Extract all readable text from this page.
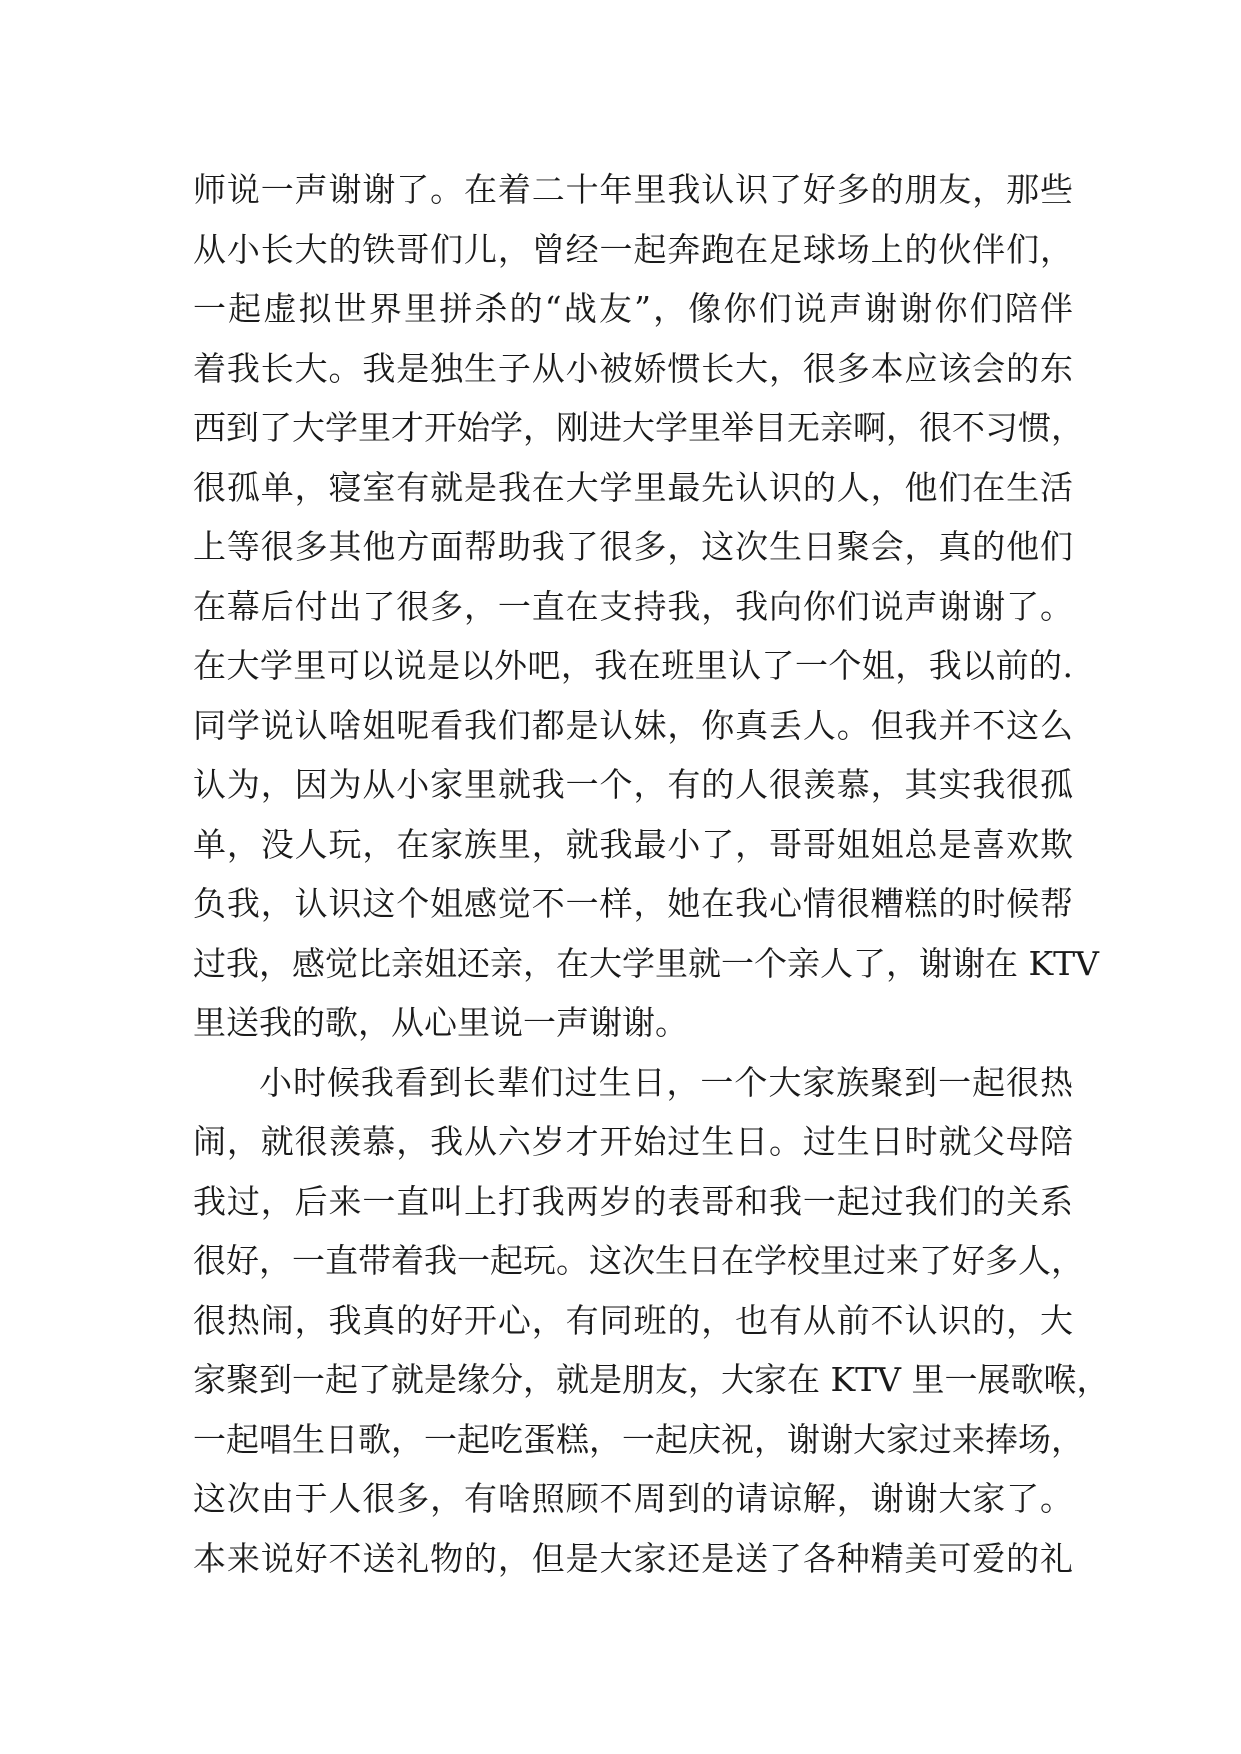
师说一声谢谢了。在着二十年里我认识了好多的朋友，那些
从小长大的铁哥们儿，曾经一起奔跑在足球场上的伙伴们，
一起虚拟世界里拼杀的“战友”，像你们说声谢谢你们陪伴
着我长大。我是独生子从小被娇惯长大，很多本应该会的东
西到了大学里才开始学，刚进大学里举目无亲啊，很不习惯，
很孤单，寝室有就是我在大学里最先认识的人，他们在生活
上等很多其他方面帮助我了很多，这次生日聚会，真的他们
在幕后付出了很多，一直在支持我，我向你们说声谢谢了。
在大学里可以说是以外吧，我在班里认了一个姐，我以前的.
同学说认啥姐呢看我们都是认妹，你真丢人。但我并不这么
认为，因为从小家里就我一个，有的人很羡慕，其实我很孤
单，没人玩，在家族里，就我最小了，哥哥姐姐总是喜欢欺
负我，认识这个姐感觉不一样，她在我心情很糟糕的时候帮
过我，感觉比亲姐还亲，在大学里就一个亲人了，谢谢在 KTV
里送我的歌，从心里说一声谢谢。
小时候我看到长辈们过生日，一个大家族聚到一起很热
闹，就很羡慕，我从六岁才开始过生日。过生日时就父母陪
我过，后来一直叫上打我两岁的表哥和我一起过我们的关系
很好，一直带着我一起玩。这次生日在学校里过来了好多人，
很热闹，我真的好开心，有同班的，也有从前不认识的，大
家聚到一起了就是缘分，就是朋友，大家在 KTV 里一展歌喉，
一起唱生日歌，一起吃蛋糕，一起庆祝，谢谢大家过来捧场，
这次由于人很多，有啥照顾不周到的请谅解，谢谢大家了。
本来说好不送礼物的，但是大家还是送了各种精美可爱的礼
